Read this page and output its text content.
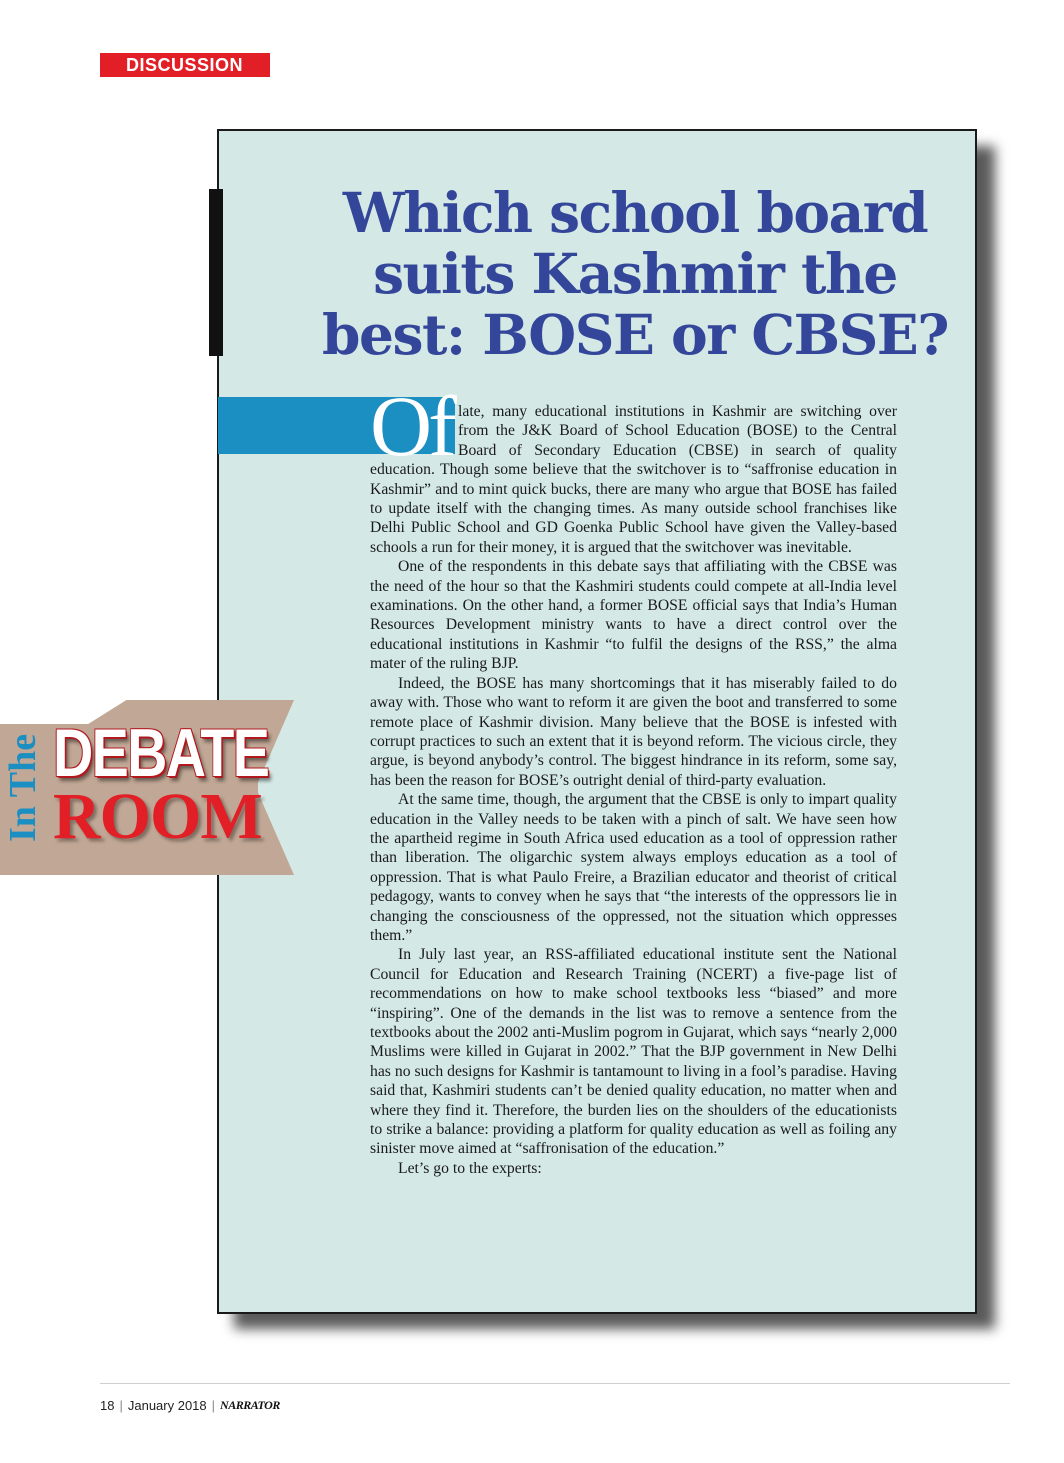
DISCUSSION
Which school board suits Kashmir the best: BOSE or CBSE?
Of late, many educational institutions in Kashmir are switching over from the J&K Board of School Education (BOSE) to the Central Board of Secondary Education (CBSE) in search of quality education. Though some believe that the switchover is to “saffronise education in Kashmir” and to mint quick bucks, there are many who argue that BOSE has failed to update itself with the changing times. As many outside school franchises like Delhi Public School and GD Goenka Public School have given the Valley-based schools a run for their money, it is argued that the switchover was inevitable.

One of the respondents in this debate says that affiliating with the CBSE was the need of the hour so that the Kashmiri students could compete at all-India level examinations. On the other hand, a former BOSE official says that India’s Human Resources Development ministry wants to have a direct control over the educational institutions in Kashmir “to fulfil the designs of the RSS,” the alma mater of the ruling BJP.

Indeed, the BOSE has many shortcomings that it has miserably failed to do away with. Those who want to reform it are given the boot and transferred to some remote place of Kashmir division. Many believe that the BOSE is infested with corrupt practices to such an extent that it is beyond reform. The vicious circle, they argue, is beyond anybody’s control. The biggest hindrance in its reform, some say, has been the reason for BOSE’s outright denial of third-party evaluation.

At the same time, though, the argument that the CBSE is only to impart quality education in the Valley needs to be taken with a pinch of salt. We have seen how the apartheid regime in South Africa used education as a tool of oppression rather than liberation. The oligarchic system always employs education as a tool of oppression. That is what Paulo Freire, a Brazilian educator and theorist of critical pedagogy, wants to convey when he says that “the interests of the oppressors lie in changing the consciousness of the oppressed, not the situation which oppresses them.”

In July last year, an RSS-affiliated educational institute sent the National Council for Education and Research Training (NCERT) a five-page list of recommendations on how to make school textbooks less “biased” and more “inspiring”. One of the demands in the list was to remove a sentence from the textbooks about the 2002 anti-Muslim pogrom in Gujarat, which says “nearly 2,000 Muslims were killed in Gujarat in 2002.” That the BJP government in New Delhi has no such designs for Kashmir is tantamount to living in a fool’s paradise. Having said that, Kashmiri students can’t be denied quality education, no matter when and where they find it. Therefore, the burden lies on the shoulders of the educationists to strike a balance: providing a platform for quality education as well as foiling any sinister move aimed at “saffronisation of the education.”

Let’s go to the experts:

In The DEBATE
ROOM
18 | January 2018 | NARRATOR
